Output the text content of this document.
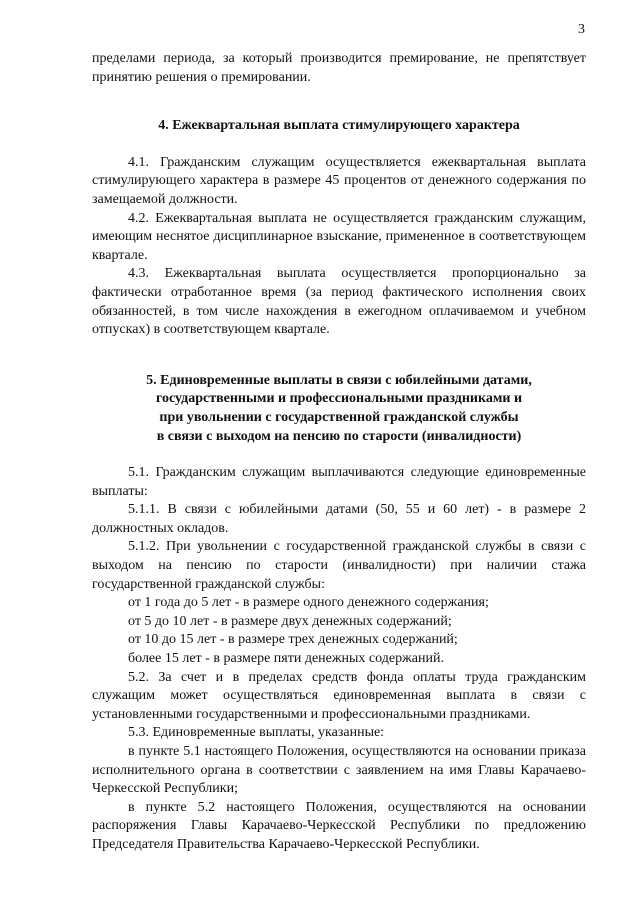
3

пределами периода, за который производится премирование, не препятствует принятию решения о премировании.

4. Ежеквартальная выплата стимулирующего характера

4.1. Гражданским служащим осуществляется ежеквартальная выплата стимулирующего характера в размере 45 процентов от денежного содержания по замещаемой должности.

4.2. Ежеквартальная выплата не осуществляется гражданским служащим, имеющим неснятое дисциплинарное взыскание, примененное в соответствующем квартале.

4.3. Ежеквартальная выплата осуществляется пропорционально за фактически отработанное время (за период фактического исполнения своих обязанностей, в том числе нахождения в ежегодном оплачиваемом и учебном отпусках) в соответствующем квартале.

5. Единовременные выплаты в связи с юбилейными датами,
государственными и профессиональными праздниками и
при увольнении с государственной гражданской службы
в связи с выходом на пенсию по старости (инвалидности)

5.1. Гражданским служащим выплачиваются следующие единовременные выплаты:

5.1.1. В связи с юбилейными датами (50, 55 и 60 лет) - в размере 2 должностных окладов.

5.1.2. При увольнении с государственной гражданской службы в связи с выходом на пенсию по старости (инвалидности) при наличии стажа государственной гражданской службы:

от 1 года до 5 лет - в размере одного денежного содержания;

от 5 до 10 лет - в размере двух денежных содержаний;

от 10 до 15 лет - в размере трех денежных содержаний;

более 15 лет - в размере пяти денежных содержаний.

5.2. За счет и в пределах средств фонда оплаты труда гражданским служащим может осуществляться единовременная выплата в связи с установленными государственными и профессиональными праздниками.

5.3. Единовременные выплаты, указанные:

в пункте 5.1 настоящего Положения, осуществляются на основании приказа исполнительного органа в соответствии с заявлением на имя Главы Карачаево-Черкесской Республики;

в пункте 5.2 настоящего Положения, осуществляются на основании распоряжения Главы Карачаево-Черкесской Республики по предложению Председателя Правительства Карачаево-Черкесской Республики.
